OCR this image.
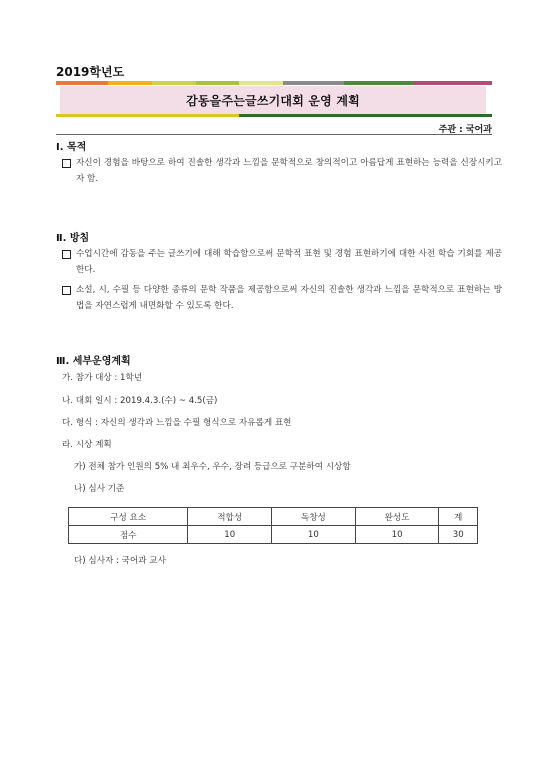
2019학년도
감동을주는글쓰기대회 운영 계획
주관 : 국어과
Ⅰ. 목적
자신이 경험을 바탕으로 하여 진솔한 생각과 느낌을 문학적으로 창의적이고 아름답게 표현하는 능력을 신장시키고자 함.
Ⅱ. 방침
수업시간에 감동을 주는 글쓰기에 대해 학습함으로써 문학적 표현 및 경험 표현하기에 대한 사전 학습 기회를 제공한다.
소설, 시, 수필 등 다양한 종류의 문학 작품을 제공함으로써 자신의 진솔한 생각과 느낌을 문학적으로 표현하는 방법을 자연스럽게 내면화할 수 있도록 한다.
Ⅲ. 세부운영계획
가. 참가 대상 : 1학년
나. 대회 일시 : 2019.4.3.(수) ~ 4.5(금)
다. 형식 : 자신의 생각과 느낌을 수필 형식으로 자유롭게 표현
라. 시상 계획
가) 전체 참가 인원의 5% 내 최우수, 우수, 장려 등급으로 구분하여 시상함
나) 심사 기준
구성 요소	적합성	독창성	완성도	계
점수	10	10	10	30
다) 심사자 : 국어과 교사
